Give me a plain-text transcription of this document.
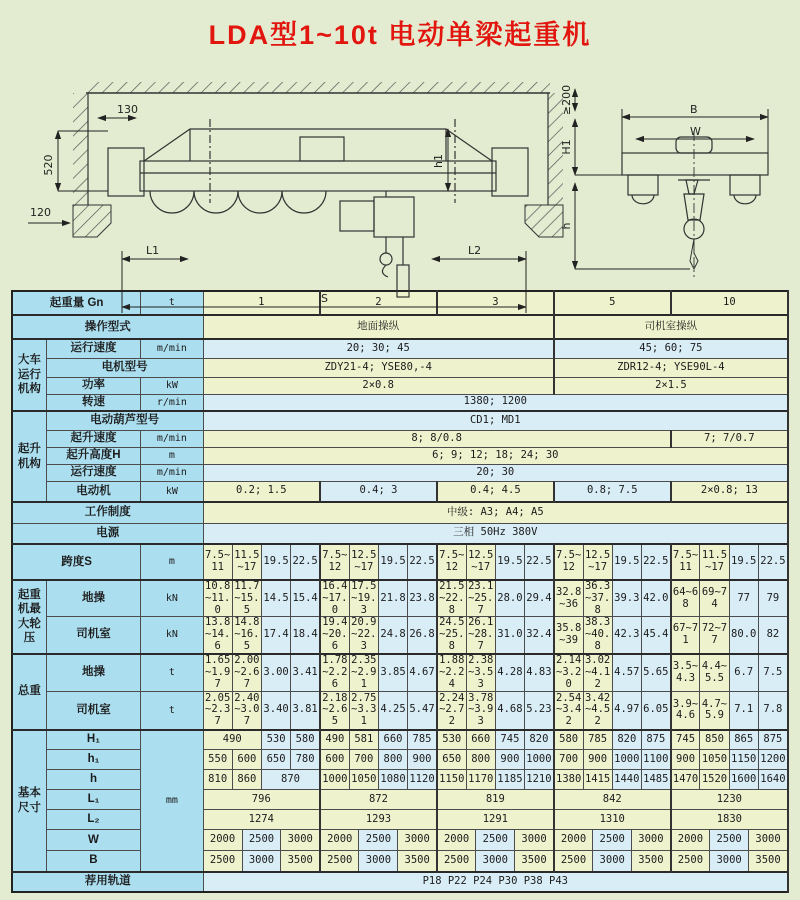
LDA型1~10t 电动单梁起重机
130
520
120
L1	L2
S
h1
B
W
≥200
H1
h
起重量 Gn		t	1						2						3						5						10					
操作型式			地面操纵																		司机室操纵											
大车运行机构	运行速度	m/min	20; 30; 45																		45; 60; 75											
	电机型号		ZDY21-4; YSE80,-4																		ZDR12-4; YSE90L-4											
	功率	kW	2×0.8																		2×1.5											
	转速	r/min	1380; 1200																													
起升机构	电动葫芦型号		CD1; MD1																													
	起升速度	m/min	8; 8/0.8																								7; 7/0.7					
	起升高度H	m	6; 9; 12; 18; 24; 30																													
	运行速度	m/min	20; 30																													
	电动机	kW	0.2; 1.5						0.4; 3						0.4; 4.5						0.8; 7.5						2×0.8; 13					
工作制度			中级: A3; A4; A5																													
电源			三相 50Hz 380V																													
跨度S		m	7.5~11	11.5~17		19.5		22.5	7.5~12	12.5~17		19.5		22.5	7.5~12	12.5~17		19.5		22.5	7.5~12	12.5~17		19.5		22.5	7.5~11	11.5~17		19.5		22.5
起重机最大轮压	地操	kN	10.8~11.0	11.7~15.5		14.5		15.4	16.4~17.0	17.5~19.3		21.8		23.8	21.5~22.8	23.1~25.7		28.0		29.4	32.8~36	36.3~37.8		39.3		42.0	64~68	69~74		77		79
	司机室	kN	13.8~14.6	14.8~16.5		17.4		18.4	19.4~20.6	20.9~22.3		24.8		26.8	24.5~25.8	26.1~28.7		31.0		32.4	35.8~39	38.3~40.8		42.3		45.4	67~71	72~77		80.0		82
总重	地操	t	1.65~1.97	2.00~2.67		3.00		3.41	1.78~2.26	2.35~2.91		3.85		4.67	1.88~2.24	2.38~3.53		4.28		4.83	2.14~3.20	3.02~4.12		4.57		5.65	3.5~4.3	4.4~5.5		6.7		7.5
	司机室	t	2.05~2.37	2.40~3.07		3.40		3.81	2.18~2.65	2.75~3.31		4.25		5.47	2.24~2.72	3.78~3.93		4.68		5.23	2.54~3.42	3.42~4.52		4.97		6.05	3.9~4.6	4.7~5.9		7.1		7.8
基本尺寸	H₁	mm	490			530		580	490	581		660		785	530	660		745		820	580	785		820		875	745	850		865		875
	h₁		550	600		650		780	600	700		800		900	650	800		900		1000	700	900		1000		1100	900	1050		1150		1200
	h		810	860		870			1000	1050		1080		1120	1150	1170		1185		1210	1380	1415		1440		1485	1470	1520		1600		1640
	L₁		796						872						819						842						1230					
	L₂		1274						1293						1291						1310						1830					
	W		2000		2500		3000		2000		2500		3000		2000		2500		3000		2000		2500		3000		2000		2500		3000	
	B		2500		3000		3500		2500		3000		3500		2500		3000		3500		2500		3000		3500		2500		3000		3500	
荐用轨道			P18 P22 P24 P30 P38 P43																													
